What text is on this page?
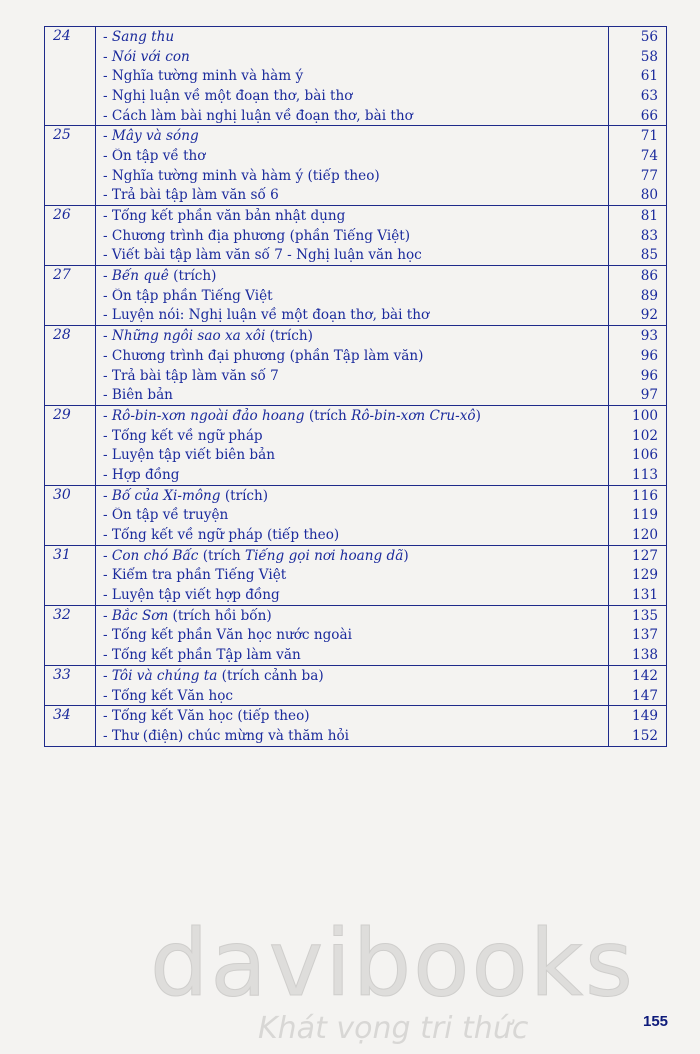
24	- Sang thu	56
- Nói với con	58
- Nghĩa tường minh và hàm ý	61
- Nghị luận về một đoạn thơ, bài thơ	63
- Cách làm bài nghị luận về đoạn thơ, bài thơ	66
25	- Mây và sóng	71
- Ôn tập về thơ	74
- Nghĩa tường minh và hàm ý (tiếp theo)	77
- Trả bài tập làm văn số 6	80
26	- Tổng kết phần văn bản nhật dụng	81
- Chương trình địa phương (phần Tiếng Việt)	83
- Viết bài tập làm văn số 7 - Nghị luận văn học	85
27	- Bến quê (trích)	86
- Ôn tập phần Tiếng Việt	89
- Luyện nói: Nghị luận về một đoạn thơ, bài thơ	92
28	- Những ngôi sao xa xôi (trích)	93
- Chương trình đại phương (phần Tập làm văn)	96
- Trả bài tập làm văn số 7	96
- Biên bản	97
29	- Rô-bin-xơn ngoài đảo hoang (trích Rô-bin-xơn Cru-xô)	100
- Tổng kết về ngữ pháp	102
- Luyện tập viết biên bản	106
- Hợp đồng	113
30	- Bố của Xi-mông (trích)	116
- Ôn tập về truyện	119
- Tổng kết về ngữ pháp (tiếp theo)	120
31	- Con chó Bấc (trích Tiếng gọi nơi hoang dã)	127
- Kiểm tra phần Tiếng Việt	129
- Luyện tập viết hợp đồng	131
32	- Bắc Sơn (trích hồi bốn)	135
- Tổng kết phần Văn học nước ngoài	137
- Tổng kết phần Tập làm văn	138
33	- Tôi và chúng ta (trích cảnh ba)	142
- Tổng kết Văn học	147
34	- Tổng kết Văn học (tiếp theo)	149
- Thư (điện) chúc mừng và thăm hỏi	152
davibooks
Khát vọng tri thức	155
